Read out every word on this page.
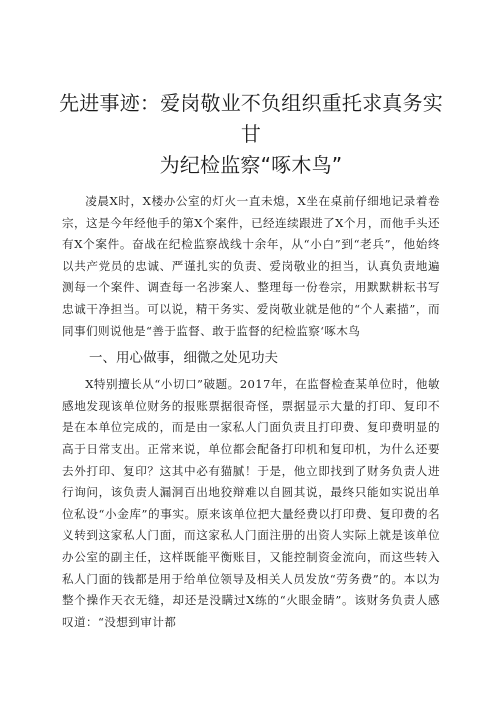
先进事迹：爱岗敬业不负组织重托求真务实甘
为纪检监察“啄木鸟”

凌晨X时，X楼办公室的灯火一直未熄，X坐在桌前仔细地记录着卷宗，这是今年经他手的第X个案件，已经连续跟进了X个月，而他手头还有X个案件。奋战在纪检监察战线十余年，从“小白”到“老兵”，他始终以共产党员的忠诚、严谨扎实的负责、爱岗敬业的担当，认真负责地遍测每一个案件、调查每一名涉案人、整理每一份卷宗，用默默耕耘书写忠诚干净担当。可以说，精干务实、爱岗敬业就是他的“个人素描”，而同事们则说他是“善于监督、敢于监督的纪检监察‘啄木鸟

一、用心做事，细微之处见功夫

X特别擅长从“小切口”破题。2017年，在监督检查某单位时，他敏感地发现该单位财务的报账票据很奇怪，票据显示大量的打印、复印不是在本单位完成的，而是由一家私人门面负责且打印费、复印费明显的高于日常支出。正常来说，单位都会配备打印机和复印机，为什么还要去外打印、复印？这其中必有猫腻！于是，他立即找到了财务负责人进行询问，该负责人漏洞百出地狡辩难以自圆其说，最终只能如实说出单位私设“小金库”的事实。原来该单位把大量经费以打印费、复印费的名义转到这家私人门面，而这家私人门面注册的出资人实际上就是该单位办公室的副主任，这样既能平衡账目，又能控制资金流向，而这些转入私人门面的钱都是用于给单位领导及相关人员发放“劳务费”的。本以为整个操作天衣无缝，却还是没瞒过X练的“火眼金睛”。该财务负责人感叹道：“没想到审计都
